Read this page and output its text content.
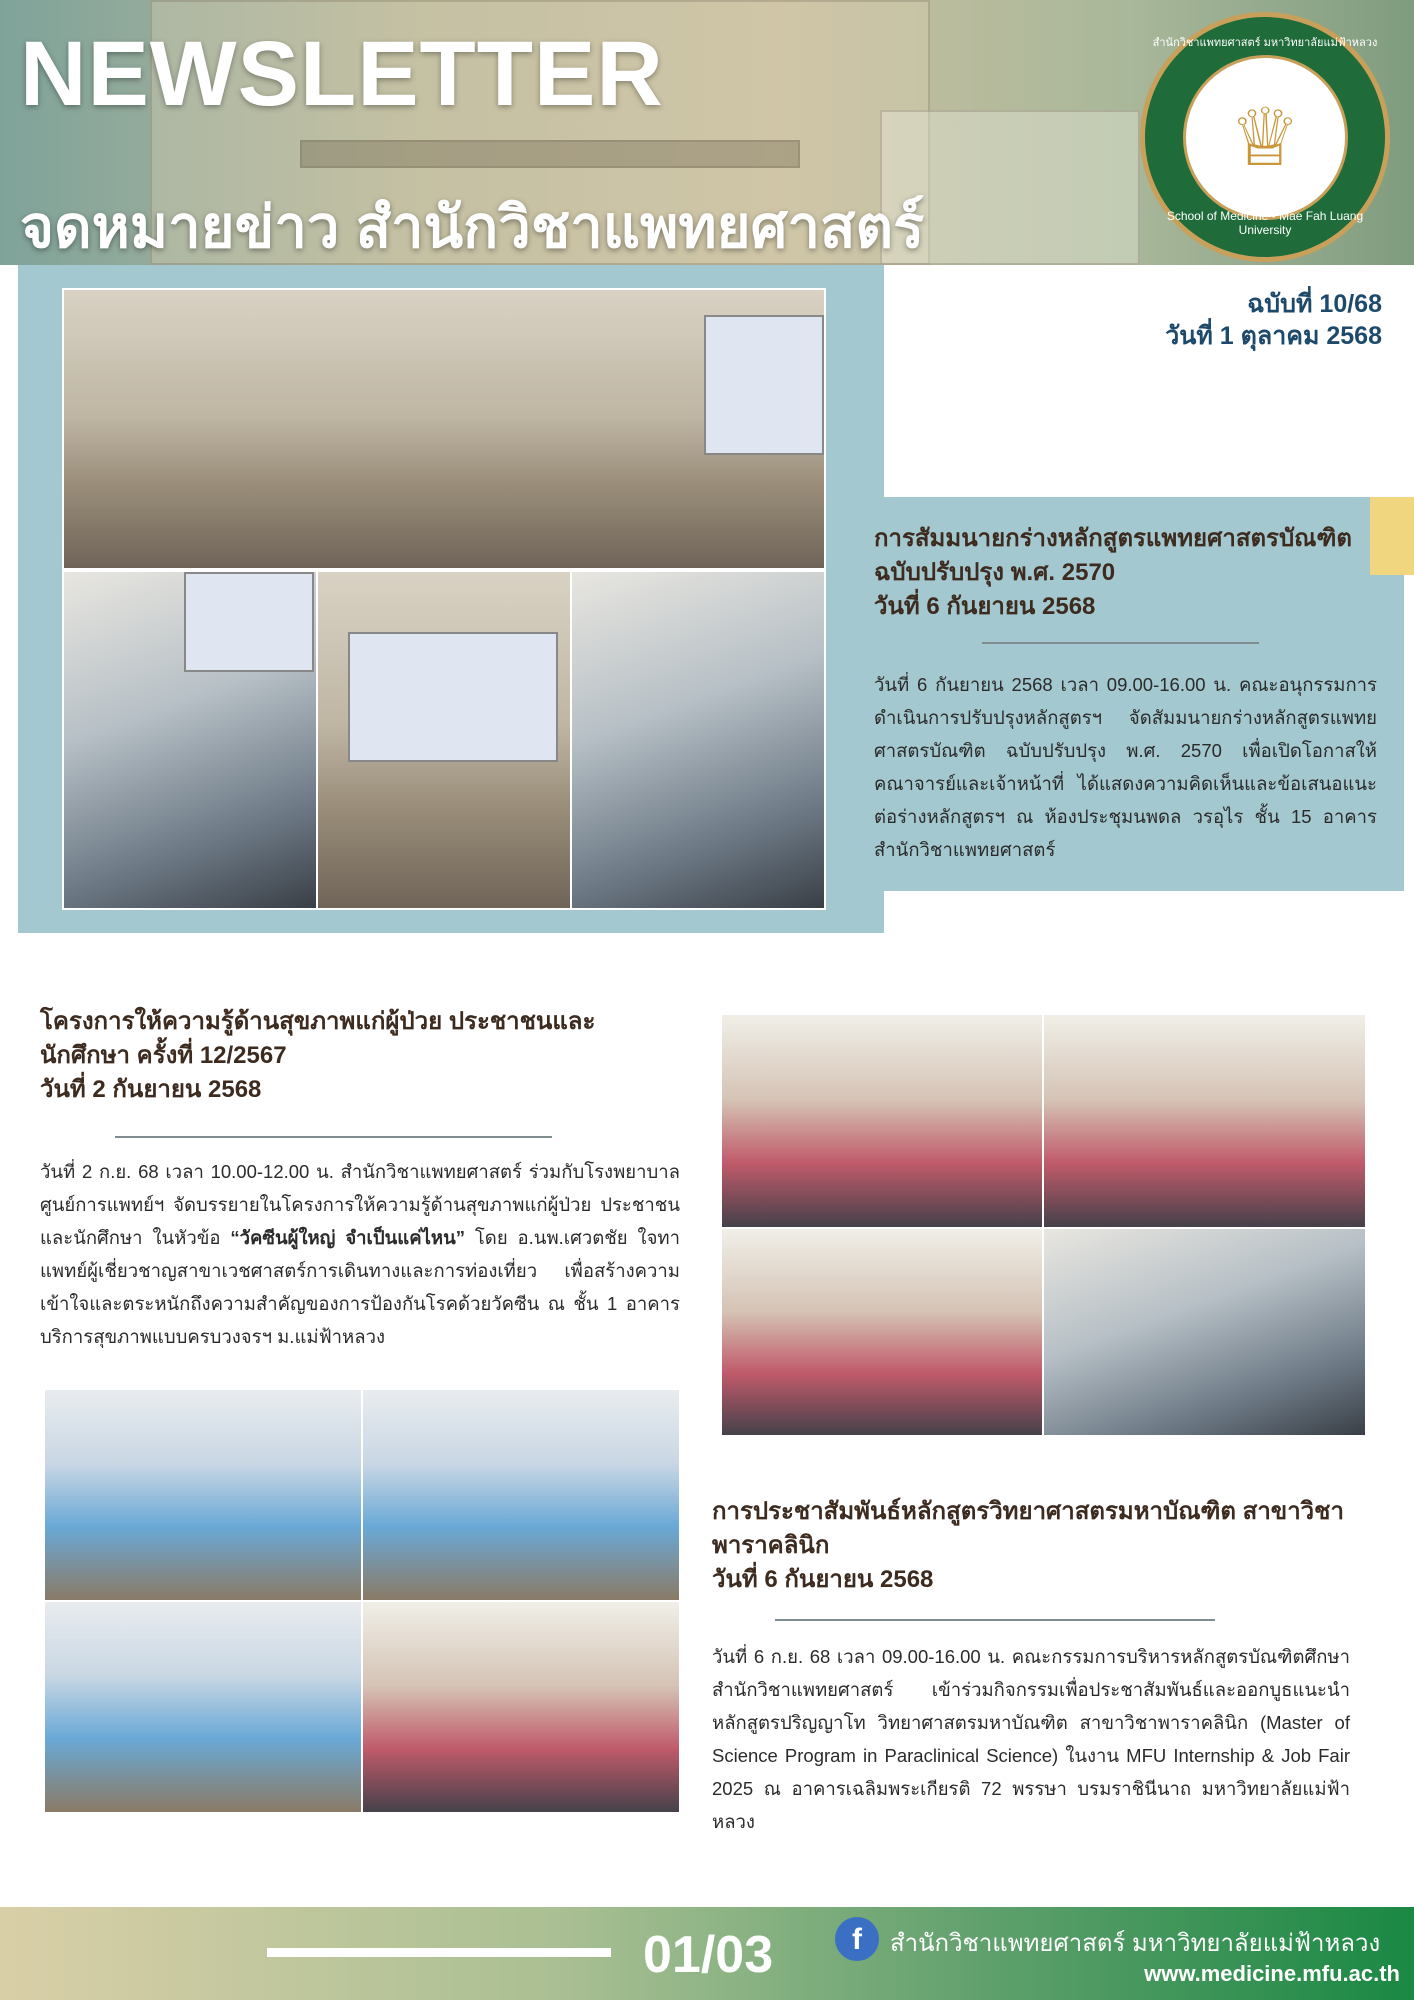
NEWSLETTER
จดหมายข่าว สำนักวิชาแพทยศาสตร์
สำนักวิชาแพทยศาสตร์ มหาวิทยาลัยแม่ฟ้าหลวง
♕
School of Medicine • Mae Fah Luang University
ฉบับที่ 10/68
วันที่ 1 ตุลาคม 2568
การสัมมนายกร่างหลักสูตรแพทยศาสตรบัณฑิต
ฉบับปรับปรุง พ.ศ. 2570
วันที่ 6 กันยายน 2568
วันที่ 6 กันยายน 2568 เวลา 09.00-16.00 น. คณะอนุกรรมการดำเนินการปรับปรุงหลักสูตรฯ จัดสัมมนายกร่างหลักสูตรแพทยศาสตรบัณฑิต ฉบับปรับปรุง พ.ศ. 2570 เพื่อเปิดโอกาสให้คณาจารย์และเจ้าหน้าที่ ได้แสดงความคิดเห็นและข้อเสนอแนะต่อร่างหลักสูตรฯ ณ ห้องประชุมนพดล วรอุไร ชั้น 15 อาคารสำนักวิชาแพทยศาสตร์
โครงการให้ความรู้ด้านสุขภาพแก่ผู้ป่วย ประชาชนและ
นักศึกษา ครั้งที่ 12/2567
วันที่ 2 กันยายน 2568
วันที่ 2 ก.ย. 68 เวลา 10.00-12.00 น. สำนักวิชาแพทยศาสตร์ ร่วมกับโรงพยาบาลศูนย์การแพทย์ฯ จัดบรรยายในโครงการให้ความรู้ด้านสุขภาพแก่ผู้ป่วย ประชาชนและนักศึกษา ในหัวข้อ “วัคซีนผู้ใหญ่ จำเป็นแค่ไหน” โดย อ.นพ.เศวตชัย ใจทา แพทย์ผู้เชี่ยวชาญสาขาเวชศาสตร์การเดินทางและการท่องเที่ยว เพื่อสร้างความเข้าใจและตระหนักถึงความสำคัญของการป้องกันโรคด้วยวัคซีน ณ ชั้น 1 อาคารบริการสุขภาพแบบครบวงจรฯ ม.แม่ฟ้าหลวง
การประชาสัมพันธ์หลักสูตรวิทยาศาสตรมหาบัณฑิต สาขาวิชา
พาราคลินิก
วันที่ 6 กันยายน 2568
วันที่ 6 ก.ย. 68 เวลา 09.00-16.00 น. คณะกรรมการบริหารหลักสูตรบัณฑิตศึกษา สำนักวิชาแพทยศาสตร์ เข้าร่วมกิจกรรมเพื่อประชาสัมพันธ์และออกบูธแนะนำหลักสูตรปริญญาโท วิทยาศาสตรมหาบัณฑิต สาขาวิชาพาราคลินิก (Master of Science Program in Paraclinical Science) ในงาน MFU Internship & Job Fair 2025 ณ อาคารเฉลิมพระเกียรติ 72 พรรษา บรมราชินีนาถ มหาวิทยาลัยแม่ฟ้าหลวง
01/03	f	สำนักวิชาแพทยศาสตร์ มหาวิทยาลัยแม่ฟ้าหลวง
www.medicine.mfu.ac.th
